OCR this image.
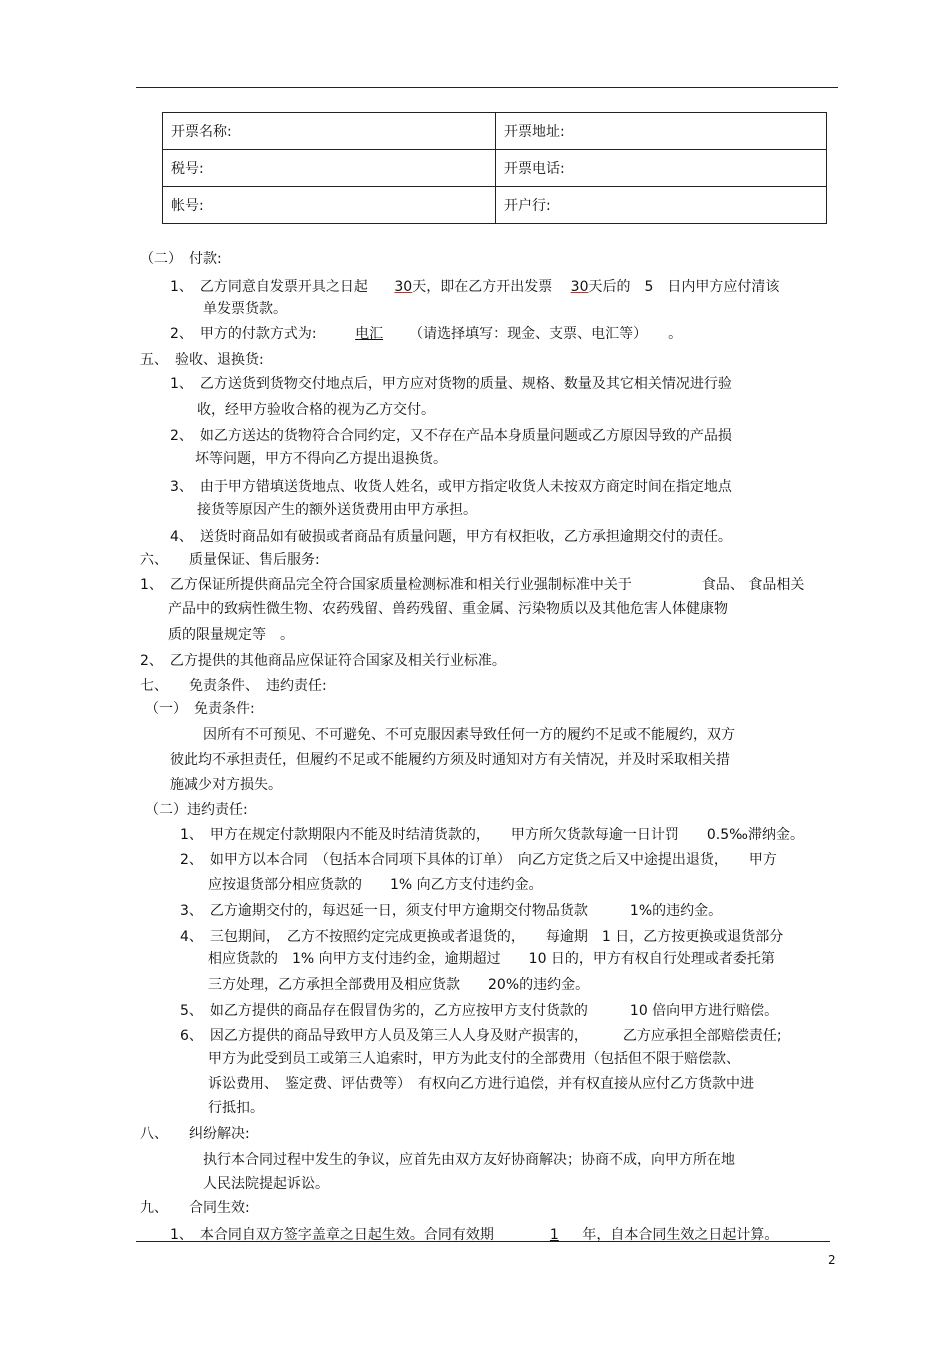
开票名称:	开票地址:
税号:	开票电话:
帐号:	开户行:
（二）　付款:
1、　乙方同意自发票开具之日起 30天，即在乙方开出发票 30天后的　5　日内甲方应付清该
单发票货款。
2、　甲方的付款方式为:	电汇 （请选择填写：现金、支票、电汇等）　　。
五、　验收、退换货:
1、　乙方送货到货物交付地点后，甲方应对货物的质量、规格、数量及其它相关情况进行验
收，经甲方验收合格的视为乙方交付。
2、　如乙方送达的货物符合合同约定，又不存在产品本身质量问题或乙方原因导致的产品损
坏等问题，甲方不得向乙方提出退换货。
3、　由于甲方错填送货地点、收货人姓名，或甲方指定收货人未按双方商定时间在指定地点
接货等原因产生的额外送货费用由甲方承担。
4、　送货时商品如有破损或者商品有质量问题，甲方有权拒收，乙方承担逾期交付的责任。
六、　　质量保证、售后服务:
1、　乙方保证所提供商品完全符合国家质量检测标准和相关行业强制标准中关于　　　　　食品、 食品相关
产品中的致病性微生物、农药残留、兽药残留、重金属、污染物质以及其他危害人体健康物
质的限量规定等　。
2、　乙方提供的其他商品应保证符合国家及相关行业标准。
七、　　免责条件、　违约责任:
（一）　免责条件:
因所有不可预见、不可避免、不可克服因素导致任何一方的履约不足或不能履约，双方
彼此均不承担责任，但履约不足或不能履约方须及时通知对方有关情况，并及时采取相关措
施减少对方损失。
（二）违约责任:
1、　甲方在规定付款期限内不能及时结清货款的，　　甲方所欠货款每逾一日计罚　　0.5‰滞纳金。
2、　如甲方以本合同　（包括本合同项下具体的订单）　向乙方定货之后又中途提出退货，　　甲方
应按退货部分相应货款的　　1% 向乙方支付违约金。
3、　乙方逾期交付的，每迟延一日，须支付甲方逾期交付物品货款　　　1%的违约金。
4、　三包期间，　乙方不按照约定完成更换或者退货的，　　每逾期　1 日，乙方按更换或退货部分
相应货款的　1% 向甲方支付违约金，逾期超过　　10 日的，甲方有权自行处理或者委托第
三方处理，乙方承担全部费用及相应货款　　20%的违约金。
5、　如乙方提供的商品存在假冒伪劣的，乙方应按甲方支付货款的　　　10 倍向甲方进行赔偿。
6、　因乙方提供的商品导致甲方人员及第三人人身及财产损害的，　　　乙方应承担全部赔偿责任;
甲方为此受到员工或第三人追索时，甲方为此支付的全部费用（包括但不限于赔偿款、
诉讼费用、　鉴定费、评估费等）　有权向乙方进行追偿，并有权直接从应付乙方货款中进
行抵扣。
八、　　纠纷解决:
执行本合同过程中发生的争议，应首先由双方友好协商解决；协商不成，向甲方所在地
人民法院提起诉讼。
九、　　合同生效:
1、　本合同自双方签字盖章之日起生效。合同有效期　　 1 年，自本合同生效之日起计算。
2
